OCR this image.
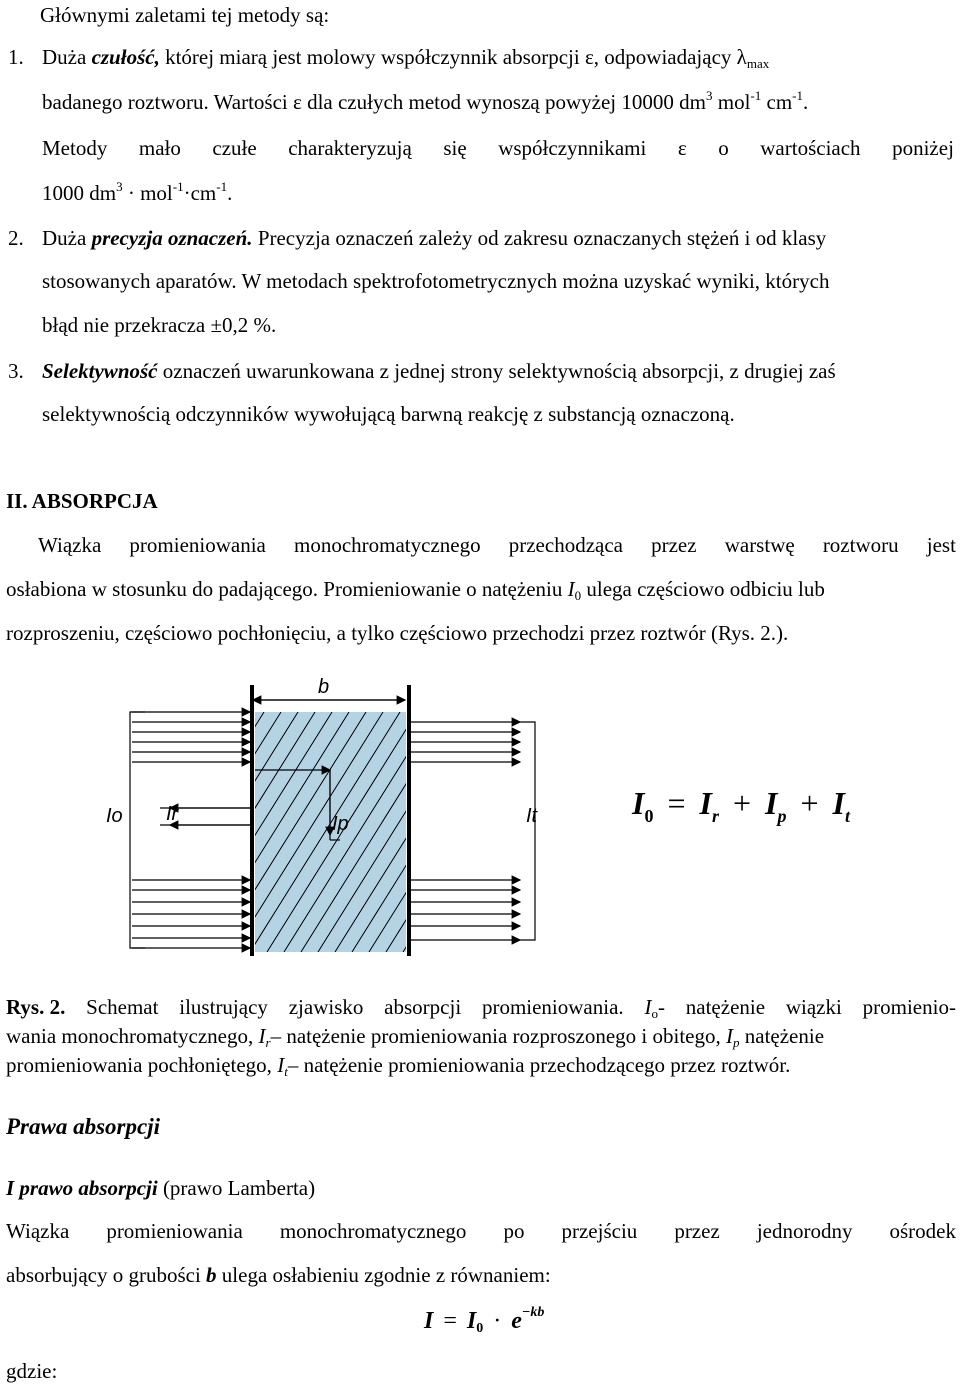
Głównymi zaletami tej metody są:
1. Duża czułość, której miarą jest molowy współczynnik absorpcji ε, odpowiadający $\lambda_{max}$
badanego roztworu. Wartości ε dla czułych metod wynoszą powyżej 10000 $dm^3$ mol$^{-1}$ $cm^{-1}$.
Metody mało czułe charakteryzują się współczynnikami ε o wartościach poniżej
1000 $dm^3 \cdot mol^{-1}\cdot cm^{-1}$.
2. Duża precyzja oznaczeń. Precyzja oznaczeń zależy od zakresu oznaczanych stężeń i od klasy
stosowanych aparatów. W metodach spektrofotometrycznych można uzyskać wyniki, których
błąd nie przekracza ±0,2 %.
3. Selektywność oznaczeń uwarunkowana z jednej strony selektywnością absorpcji, z drugiej zaś
selektywnością odczynników wywołującą barwną reakcję z substancją oznaczoną.
II. ABSORPCJA
Wiązka promieniowania monochromatycznego przechodząca przez warstwę roztworu jest
osłabiona w stosunku do padającego. Promieniowanie o natężeniu $I_0$ ulega częściowo odbiciu lub
rozproszeniu, częściowo pochłonięciu, a tylko częściowo przechodzi przez roztwór (Rys. 2.).
b
Io Ir	Ip	It	$I_0 = I_r + I_p + I_t$
Rys. 2. Schemat ilustrujący zjawisko absorpcji promieniowania. $I_o-$ natężenie wiązki promienio-
wania monochromatycznego, $I_r-$ natężenie promieniowania rozproszonego i obitego, $I_p$ natężenie
promieniowania pochłoniętego, $I_t-$ natężenie promieniowania przechodzącego przez roztwór.
Prawa absorpcji
I prawo absorpcji (prawo Lamberta)
Wiązka promieniowania monochromatycznego po przejściu przez jednorodny ośrodek
absorbujący o grubości b ulega osłabieniu zgodnie z równaniem:
$I = I_0 \cdot e^{-kb}$
gdzie:
